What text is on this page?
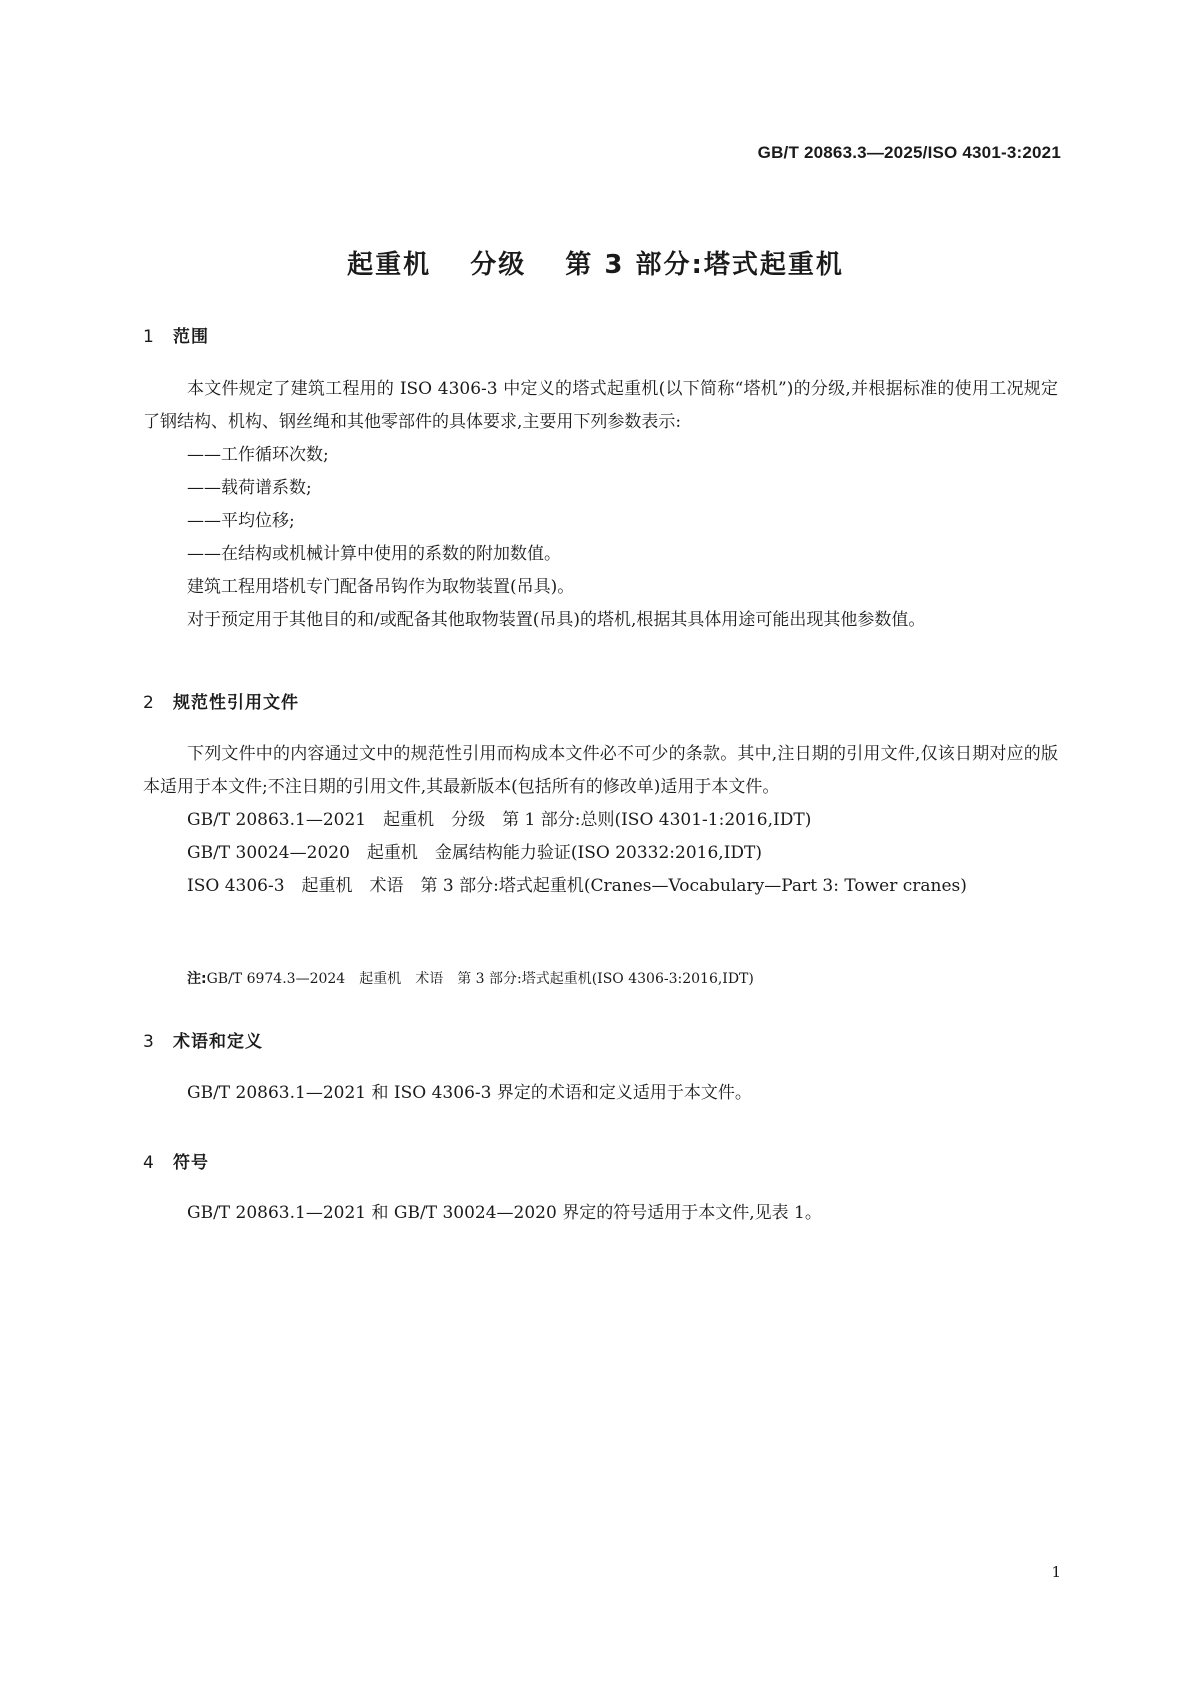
GB/T 20863.3—2025/ISO 4301-3:2021
起重机 分级 第 3 部分:塔式起重机
1 范围

本文件规定了建筑工程用的 ISO 4306-3 中定义的塔式起重机(以下简称“塔机”)的分级,并根据标准的使用工况规定了钢结构、机构、钢丝绳和其他零部件的具体要求,主要用下列参数表示:

——工作循环次数;

——载荷谱系数;

——平均位移;

——在结构或机械计算中使用的系数的附加数值。

建筑工程用塔机专门配备吊钩作为取物装置(吊具)。

对于预定用于其他目的和/或配备其他取物装置(吊具)的塔机,根据其具体用途可能出现其他参数值。

2 规范性引用文件

下列文件中的内容通过文中的规范性引用而构成本文件必不可少的条款。其中,注日期的引用文件,仅该日期对应的版本适用于本文件;不注日期的引用文件,其最新版本(包括所有的修改单)适用于本文件。

GB/T 20863.1—2021　起重机　分级　第 1 部分:总则(ISO 4301-1:2016,IDT)

GB/T 30024—2020　起重机　金属结构能力验证(ISO 20332:2016,IDT)

ISO 4306-3　起重机　术语　第 3 部分:塔式起重机(Cranes—Vocabulary—Part 3: Tower cranes)

注:GB/T 6974.3—2024　起重机　术语　第 3 部分:塔式起重机(ISO 4306-3:2016,IDT)
3 术语和定义

GB/T 20863.1—2021 和 ISO 4306-3 界定的术语和定义适用于本文件。

4 符号

GB/T 20863.1—2021 和 GB/T 30024—2020 界定的符号适用于本文件,见表 1。

1
